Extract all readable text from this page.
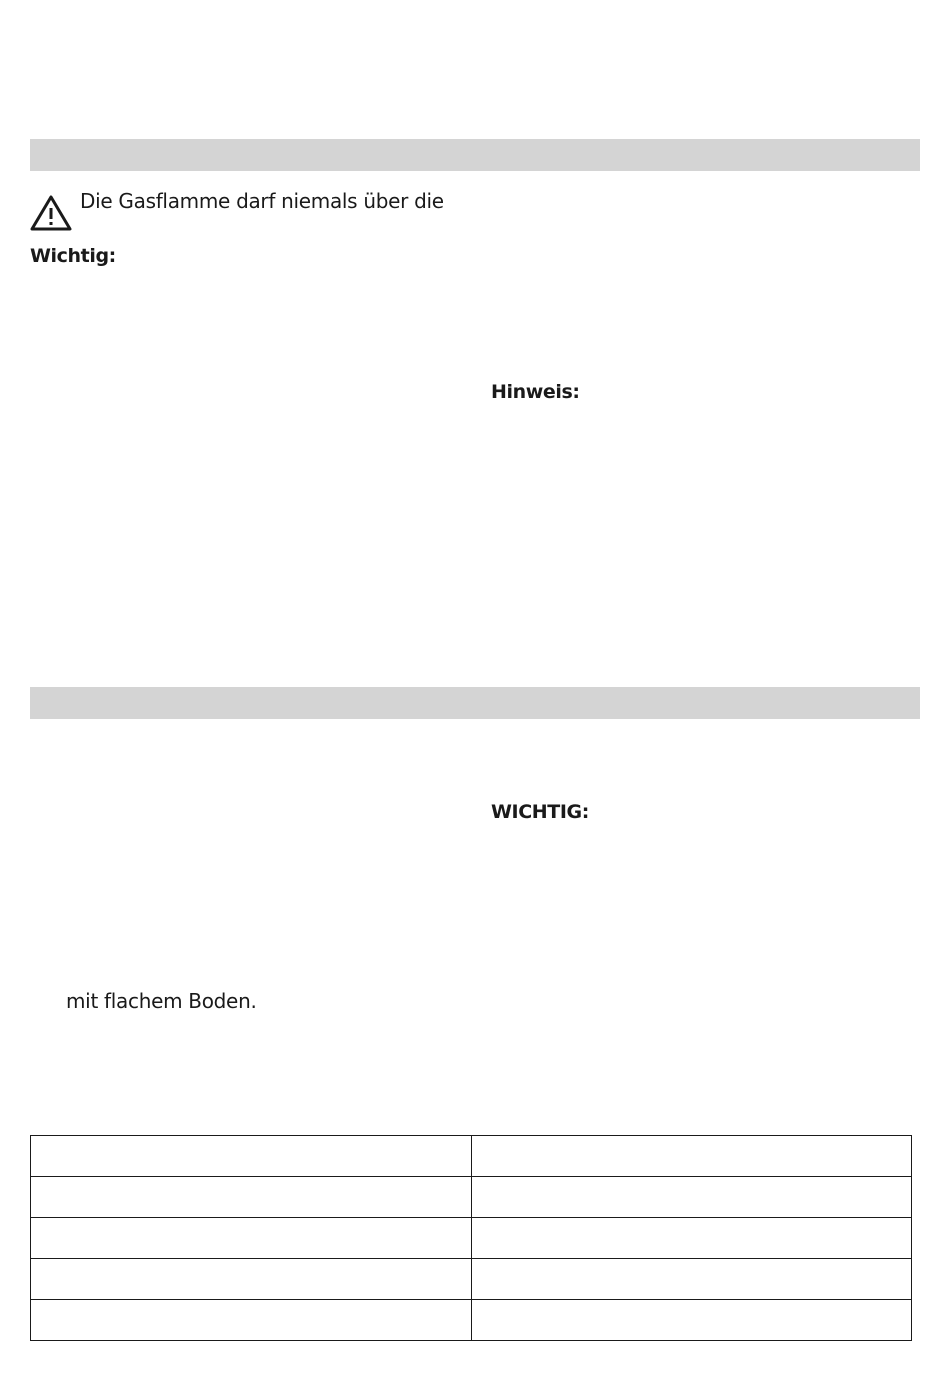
Die Gasflamme darf niemals über die
Wichtig:
Hinweis:
WICHTIG:
mit flachem Boden.
